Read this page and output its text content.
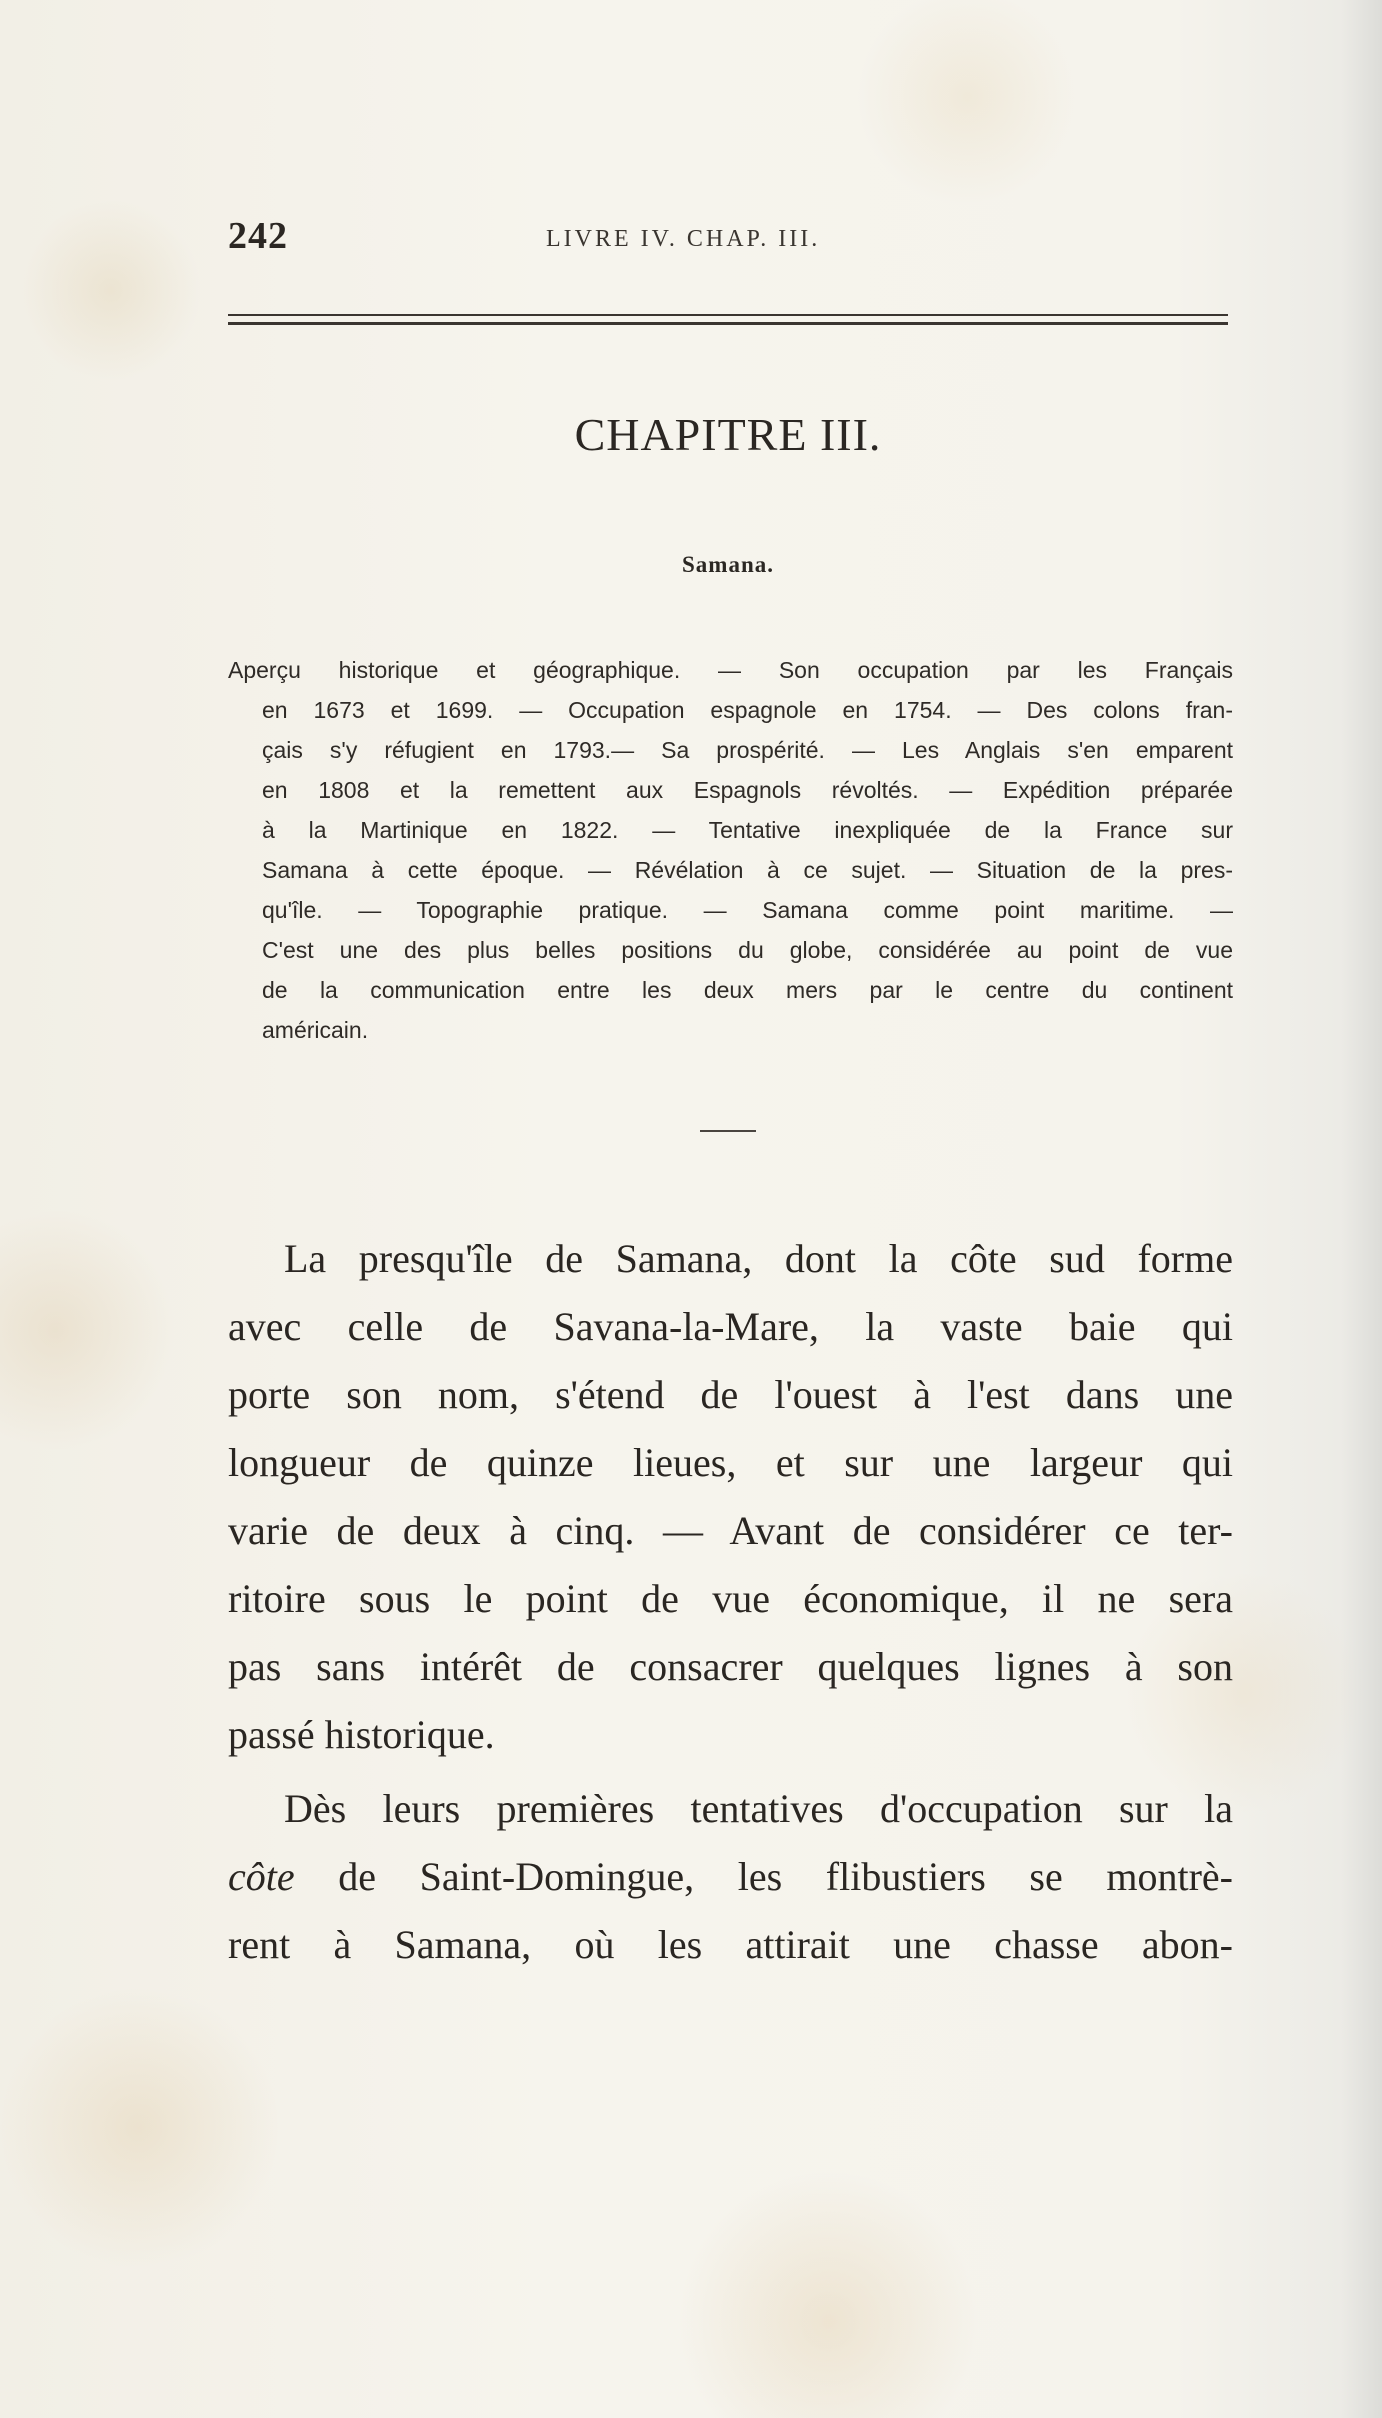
242	LIVRE IV. CHAP. III.
CHAPITRE III.
Samana.
Aperçu historique et géographique. — Son occupation par les Français
en 1673 et 1699. — Occupation espagnole en 1754. — Des colons fran-
çais s'y réfugient en 1793.— Sa prospérité. — Les Anglais s'en emparent
en 1808 et la remettent aux Espagnols révoltés. — Expédition préparée
à la Martinique en 1822. — Tentative inexpliquée de la France sur
Samana à cette époque. — Révélation à ce sujet. — Situation de la pres-
qu'île. — Topographie pratique. — Samana comme point maritime. —
C'est une des plus belles positions du globe, considérée au point de vue
de la communication entre les deux mers par le centre du continent
américain.
La presqu'île de Samana, dont la côte sud forme
avec celle de Savana-la-Mare, la vaste baie qui
porte son nom, s'étend de l'ouest à l'est dans une
longueur de quinze lieues, et sur une largeur qui
varie de deux à cinq. — Avant de considérer ce ter-
ritoire sous le point de vue économique, il ne sera
pas sans intérêt de consacrer quelques lignes à son
passé historique.
Dès leurs premières tentatives d'occupation sur la
côte de Saint-Domingue, les flibustiers se montrè-
rent à Samana, où les attirait une chasse abon-
